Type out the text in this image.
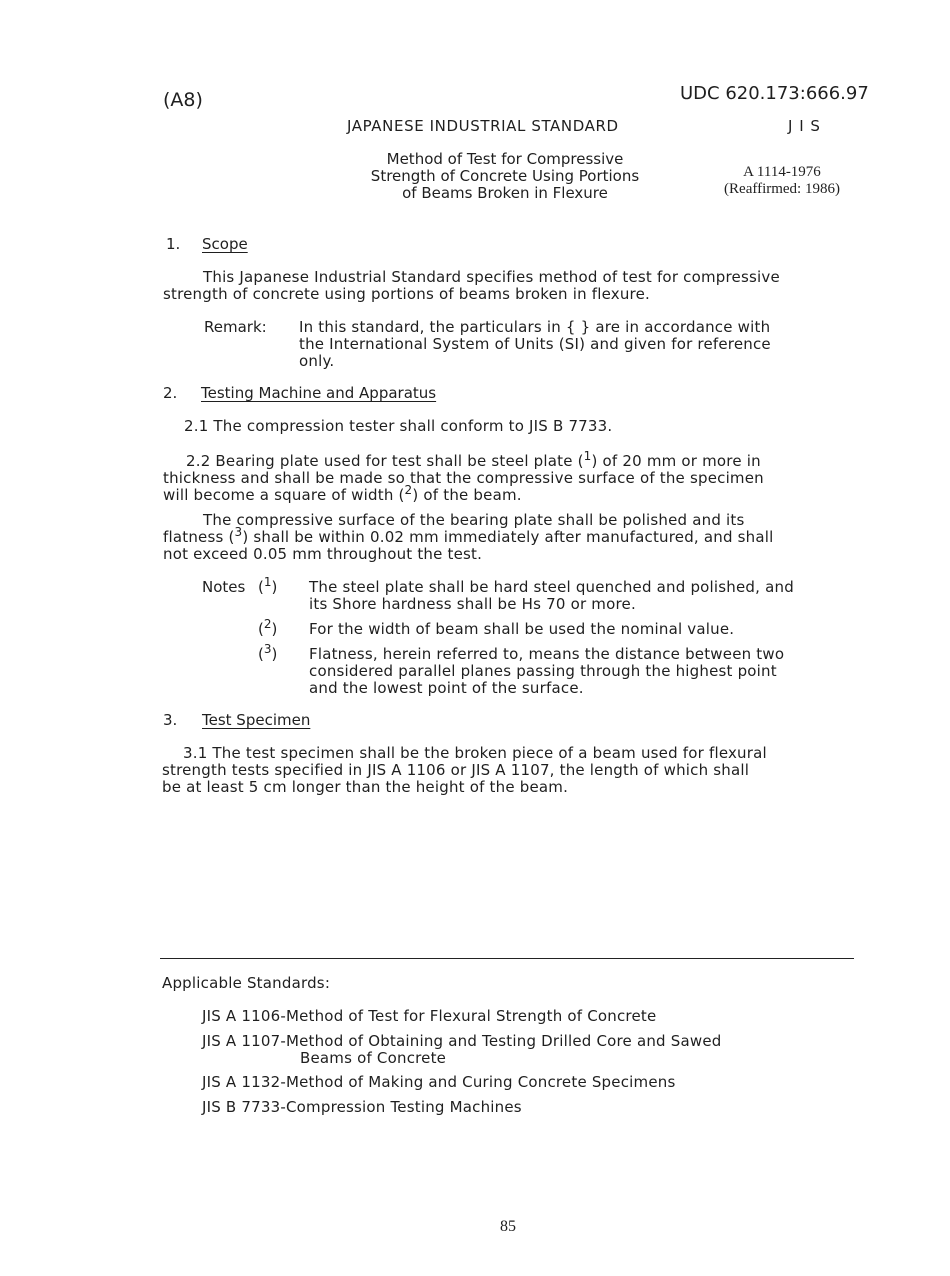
(A8)	UDC 620.173:666.97
JAPANESE INDUSTRIAL STANDARD	J I S
Method of Test for Compressive
Strength of Concrete Using Portions
of Beams Broken in Flexure
A 1114-1976
(Reaffirmed: 1986)
1. Scope
This Japanese Industrial Standard specifies method of test for compressive
strength of concrete using portions of beams broken in flexure.
Remark: In this standard, the particulars in { } are in accordance with
the International System of Units (SI) and given for reference
only.
2. Testing Machine and Apparatus
2.1 The compression tester shall conform to JIS B 7733.
2.2 Bearing plate used for test shall be steel plate ($^1$) of 20 mm or more in
thickness and shall be made so that the compressive surface of the specimen
will become a square of width ($^2$) of the beam.
The compressive surface of the bearing plate shall be polished and its
flatness ($^3$) shall be within 0.02 mm immediately after manufactured, and shall
not exceed 0.05 mm throughout the test.
Notes ($^1$) The steel plate shall be hard steel quenched and polished, and
its Shore hardness shall be Hs 70 or more.
($^2$) For the width of beam shall be used the nominal value.
($^3$) Flatness, herein referred to, means the distance between two
considered parallel planes passing through the highest point
and the lowest point of the surface.
3. Test Specimen
3.1 The test specimen shall be the broken piece of a beam used for flexural
strength tests specified in JIS A 1106 or JIS A 1107, the length of which shall
be at least 5 cm longer than the height of the beam.
Applicable Standards:
JIS A 1106-Method of Test for Flexural Strength of Concrete
JIS A 1107-Method of Obtaining and Testing Drilled Core and Sawed
Beams of Concrete
JIS A 1132-Method of Making and Curing Concrete Specimens
JIS B 7733-Compression Testing Machines
85
